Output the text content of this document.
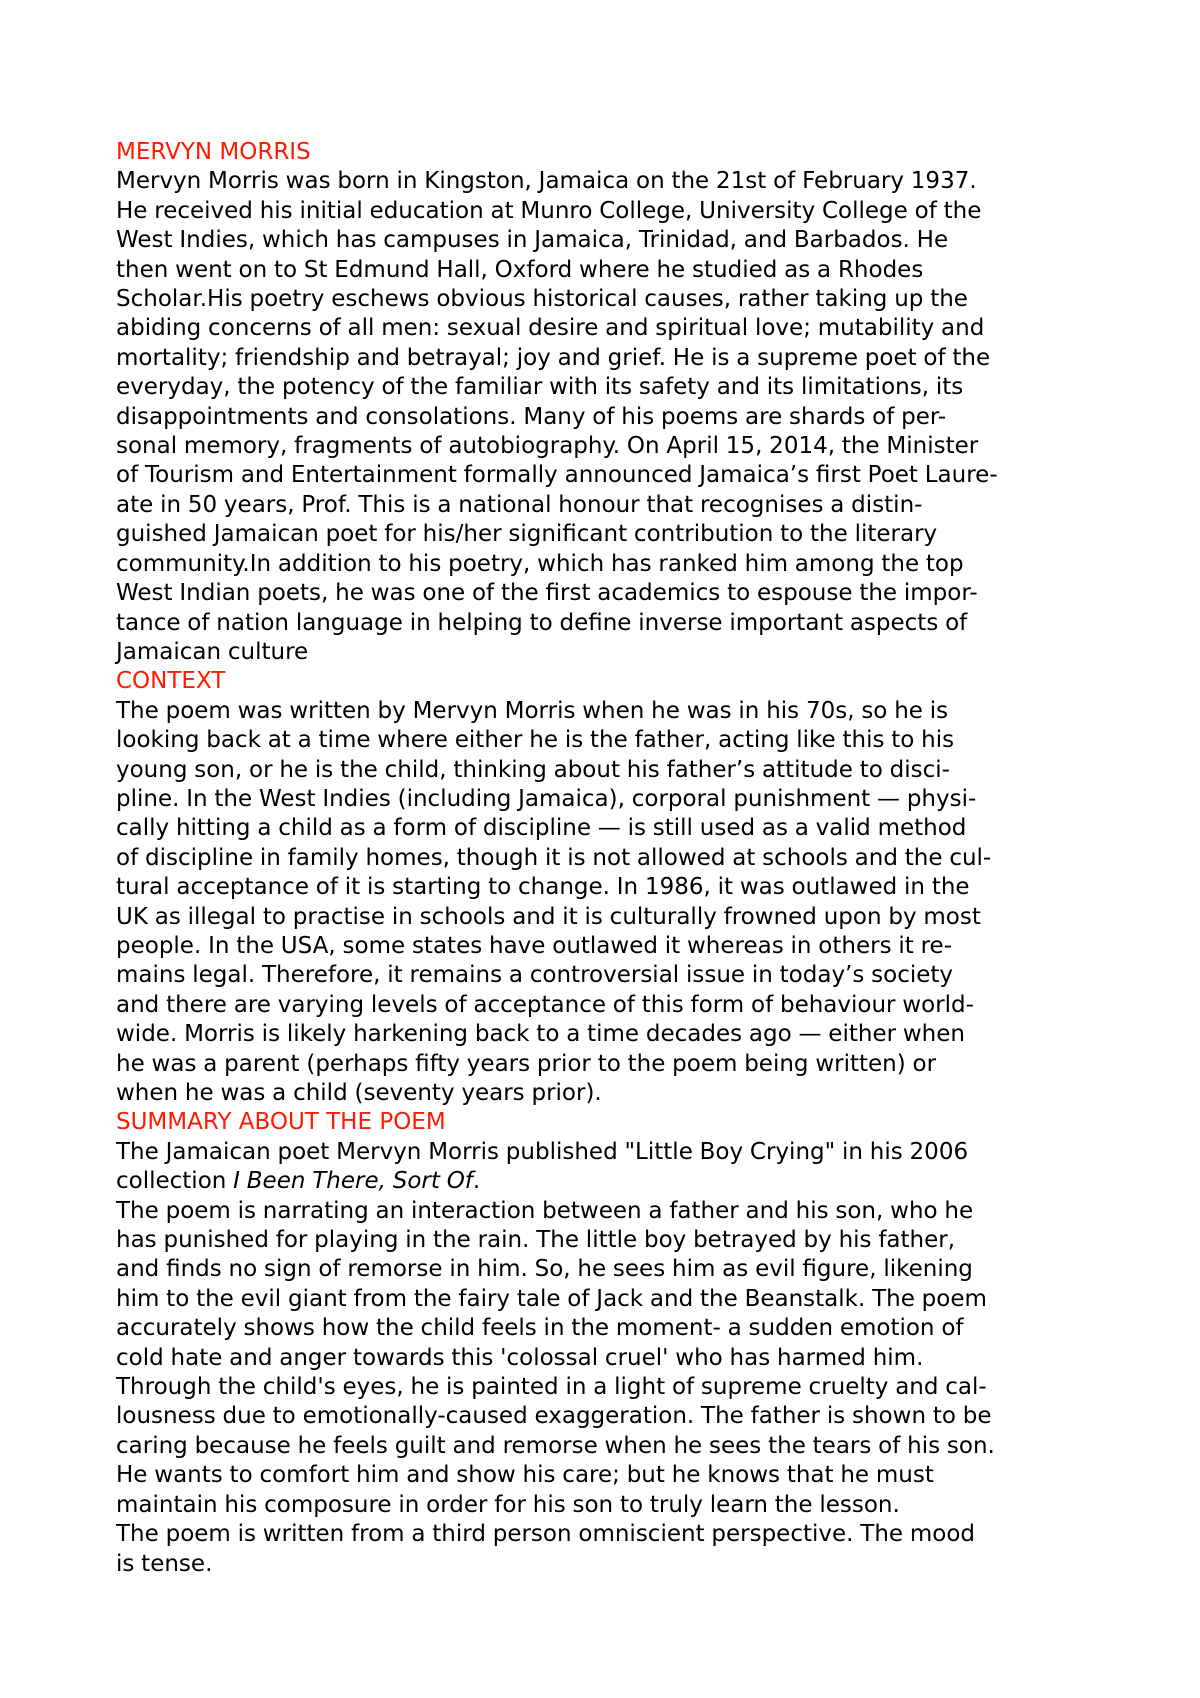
MERVYN MORRIS

Mervyn Morris was born in Kingston, Jamaica on the 21st of February 1937.
He received his initial education at Munro College, University College of the
West Indies, which has campuses in Jamaica, Trinidad, and Barbados. He
then went on to St Edmund Hall, Oxford where he studied as a Rhodes
Scholar.His poetry eschews obvious historical causes, rather taking up the
abiding concerns of all men: sexual desire and spiritual love; mutability and
mortality; friendship and betrayal; joy and grief. He is a supreme poet of the
everyday, the potency of the familiar with its safety and its limitations, its
disappointments and consolations. Many of his poems are shards of per-
sonal memory, fragments of autobiography. On April 15, 2014, the Minister
of Tourism and Entertainment formally announced Jamaica’s first Poet Laure-
ate in 50 years, Prof. This is a national honour that recognises a distin-
guished Jamaican poet for his/her significant contribution to the literary
community.In addition to his poetry, which has ranked him among the top
West Indian poets, he was one of the first academics to espouse the impor-
tance of nation language in helping to define inverse important aspects of
Jamaican culture

CONTEXT

The poem was written by Mervyn Morris when he was in his 70s, so he is
looking back at a time where either he is the father, acting like this to his
young son, or he is the child, thinking about his father’s attitude to disci-
pline. In the West Indies (including Jamaica), corporal punishment — physi-
cally hitting a child as a form of discipline — is still used as a valid method
of discipline in family homes, though it is not allowed at schools and the cul-
tural acceptance of it is starting to change. In 1986, it was outlawed in the
UK as illegal to practise in schools and it is culturally frowned upon by most
people. In the USA, some states have outlawed it whereas in others it re-
mains legal. Therefore, it remains a controversial issue in today’s society
and there are varying levels of acceptance of this form of behaviour world-
wide. Morris is likely harkening back to a time decades ago — either when
he was a parent (perhaps fifty years prior to the poem being written) or
when he was a child (seventy years prior).

SUMMARY ABOUT THE POEM

The Jamaican poet Mervyn Morris published "Little Boy Crying" in his 2006
collection I Been There, Sort Of.

The poem is narrating an interaction between a father and his son, who he
has punished for playing in the rain. The little boy betrayed by his father,
and finds no sign of remorse in him. So, he sees him as evil figure, likening
him to the evil giant from the fairy tale of Jack and the Beanstalk. The poem
accurately shows how the child feels in the moment- a sudden emotion of
cold hate and anger towards this 'colossal cruel' who has harmed him.
Through the child's eyes, he is painted in a light of supreme cruelty and cal-
lousness due to emotionally-caused exaggeration. The father is shown to be
caring because he feels guilt and remorse when he sees the tears of his son.
He wants to comfort him and show his care; but he knows that he must
maintain his composure in order for his son to truly learn the lesson.

The poem is written from a third person omniscient perspective. The mood
is tense.
